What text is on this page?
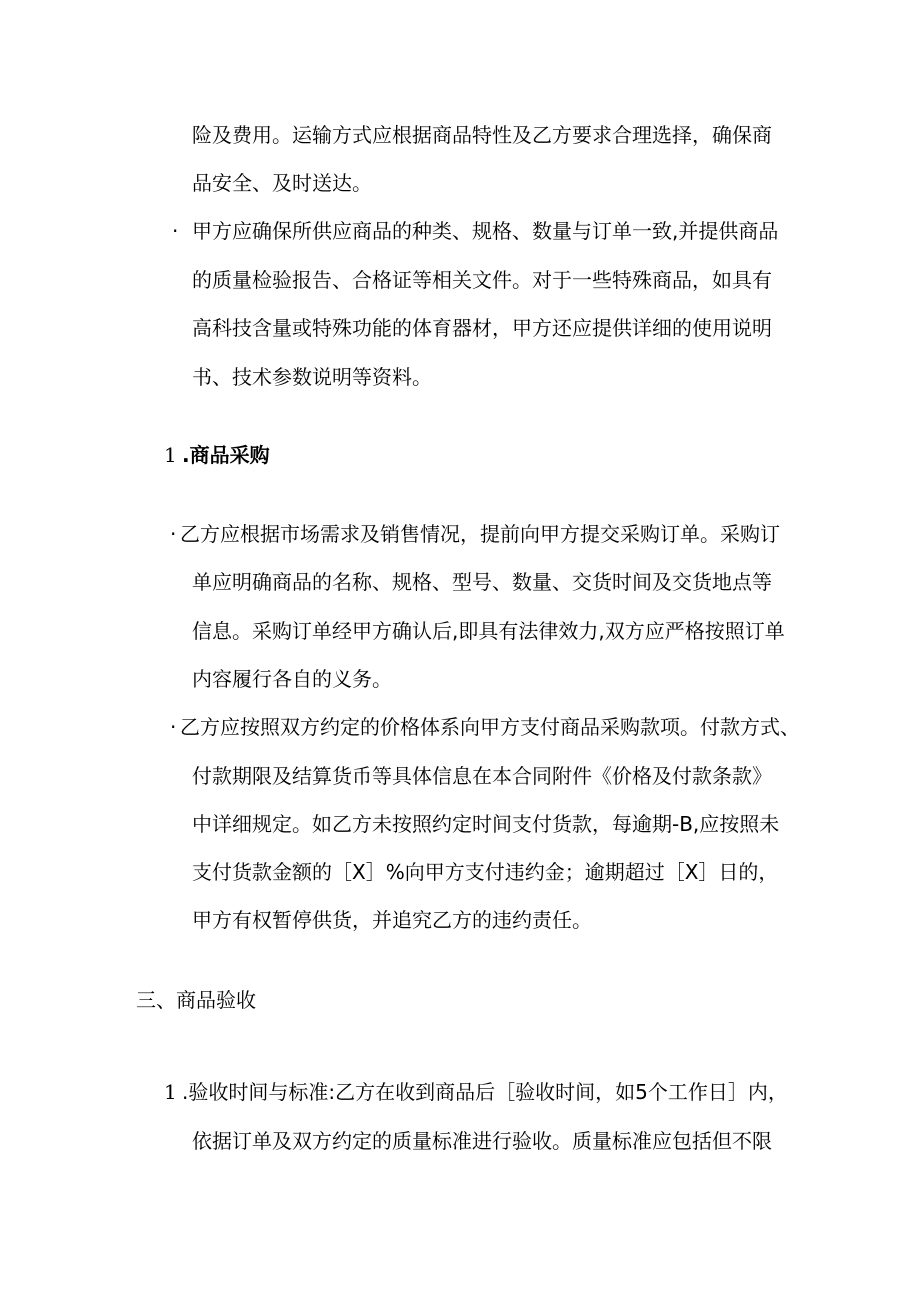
险及费用。运输方式应根据商品特性及乙方要求合理选择，确保商
品安全、及时送达。
· 甲方应确保所供应商品的种类、规格、数量与订单一致,并提供商品
的质量检验报告、合格证等相关文件。对于一些特殊商品，如具有
高科技含量或特殊功能的体育器材，甲方还应提供详细的使用说明
书、技术参数说明等资料。
1 .商品采购
· 乙方应根据市场需求及销售情况，提前向甲方提交采购订单。采购订
单应明确商品的名称、规格、型号、数量、交货时间及交货地点等
信息。采购订单经甲方确认后,即具有法律效力,双方应严格按照订单
内容履行各自的义务。
· 乙方应按照双方约定的价格体系向甲方支付商品采购款项。付款方式、
付款期限及结算货币等具体信息在本合同附件《价格及付款条款》
中详细规定。如乙方未按照约定时间支付货款，每逾期-B,应按照未
支付货款金额的［X］%向甲方支付违约金；逾期超过［X］日的，
甲方有权暂停供货，并追究乙方的违约责任。
三、商品验收
1 .验收时间与标准:乙方在收到商品后［验收时间，如5个工作日］内，
依据订单及双方约定的质量标准进行验收。质量标准应包括但不限
